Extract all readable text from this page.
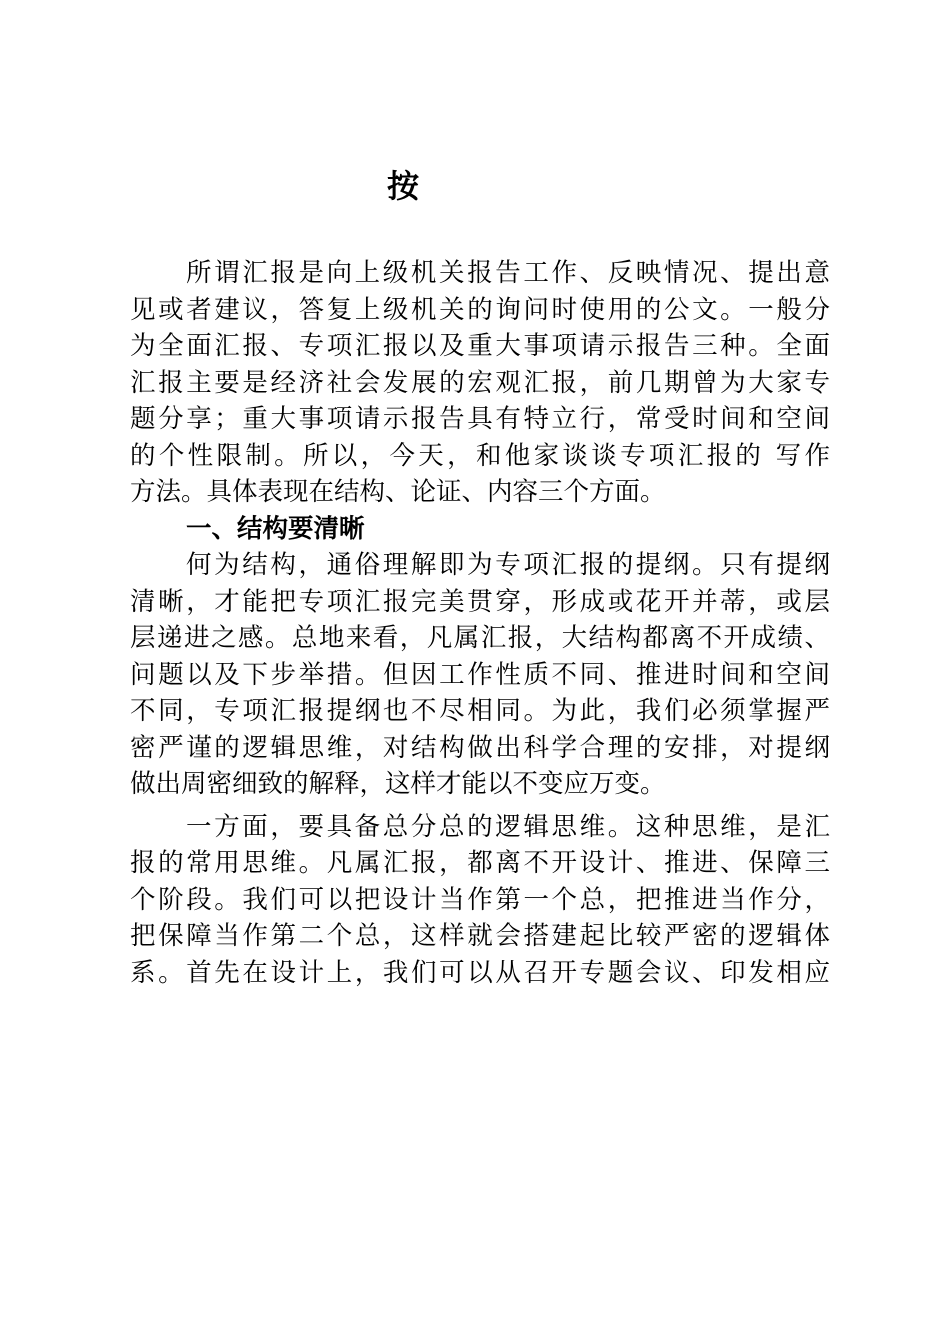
按
所谓汇报是向上级机关报告工作、反映情况、提出意
见或者建议，答复上级机关的询问时使用的公文。一般分
为全面汇报、专项汇报以及重大事项请示报告三种。全面
汇报主要是经济社会发展的宏观汇报，前几期曾为大家专
题分享；重大事项请示报告具有特立行，常受时间和空间
的个性限制。所以，今天，和他家谈谈专项汇报的 写作
方法。具体表现在结构、论证、内容三个方面。
一、结构要清晰
何为结构，通俗理解即为专项汇报的提纲。只有提纲
清晰，才能把专项汇报完美贯穿，形成或花开并蒂，或层
层递进之感。总地来看，凡属汇报，大结构都离不开成绩、
问题以及下步举措。但因工作性质不同、推进时间和空间
不同，专项汇报提纲也不尽相同。为此，我们必须掌握严
密严谨的逻辑思维，对结构做出科学合理的安排，对提纲
做出周密细致的解释，这样才能以不变应万变。
一方面，要具备总分总的逻辑思维。这种思维，是汇
报的常用思维。凡属汇报，都离不开设计、推进、保障三
个阶段。我们可以把设计当作第一个总，把推进当作分，
把保障当作第二个总，这样就会搭建起比较严密的逻辑体
系。首先在设计上，我们可以从召开专题会议、印发相应
